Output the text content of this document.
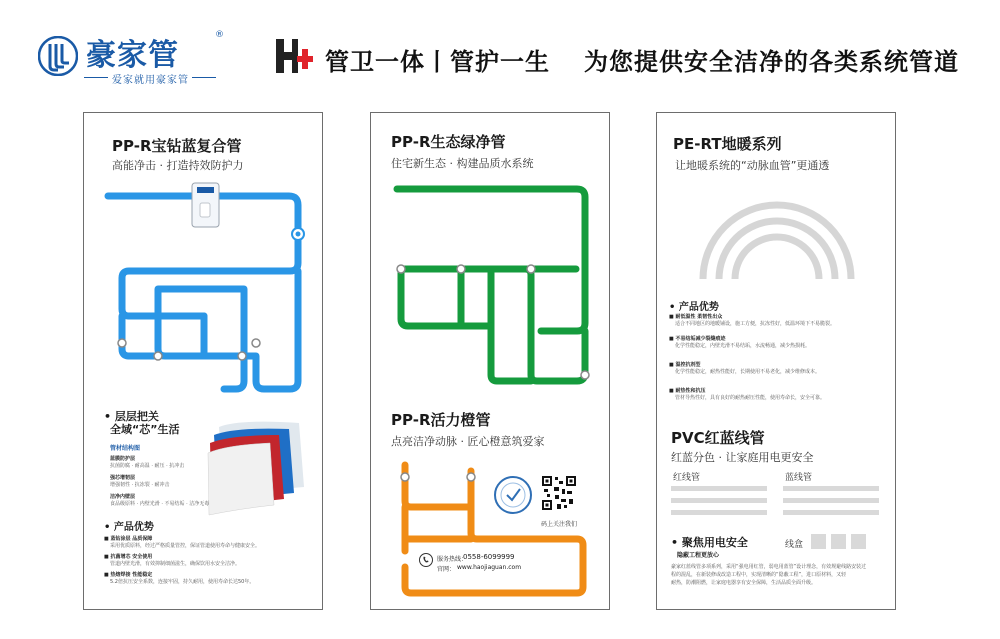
豪家管
®
爱家就用豪家管
管卫一体丨管护一生 为您提供安全洁净的各类系统管道
PP-R宝钻蓝复合管
高能净击 · 打造持效防护力
• 层层把关
全域“芯”生活
管材结构图
蓝膜防护层
抗菌防腐 · 耐高温 · 耐压 · 抗冲击
强芯增韧层
增强韧性 · 抗冻裂 · 耐冲击
洁净内壁层
食品级原料 · 内壁光滑 · 不易结垢 · 洁净无毒
• 产品优势
■ 蓝钻涂层 品质保障
采用优质原料，经过严格质量管控，保证管道使用寿命与健康安全。
■ 抗菌增芯 安全使用
管道内壁光滑，有效抑制细菌滋生，确保饮用水安全洁净。
■ 热熔焊接 性能稳定
5.2倍抗压安全系数，连接牢固，持久耐用，使用寿命长达50年。
PP-R生态绿净管
住宅新生态 · 构建品质水系统
PP-R活力橙管
点亮洁净动脉 · 匠心橙意筑爱家
码上关注我们
服务热线：
0558-6099999
官网： www.haojiaguan.com
PE-RT地暖系列
让地暖系统的“动脉血管”更通透
• 产品优势
■ 耐低温性 柔韧性出众
适合不同地区的地暖铺设，施工方便，抗冻性好，低温环境下不易脆裂。
■ 不易结垢减少裂缝痕迹
化学性能稳定，内壁光滑不易结垢，水流畅通，减少热损耗。
■ 温控抗剂型
化学性能稳定，耐热性能好，长期使用不易老化，减少维修成本。
■ 耐热性和抗压
管材导热性好，具有良好的耐热耐压性能，使用寿命长，安全可靠。
PVC红蓝线管
红蓝分色 · 让家庭用电更安全
红线管	蓝线管
• 聚焦用电安全
隐蔽工程更放心
线盒
豪家红蓝线管多项系列，采用“强电用红管，弱电用蓝管”设计理念，有效规避线路安装过
程的混乱，在新装修或改造工程中，实现清晰的“隐蔽工程”，进口原材料，又轻
耐热，防潮阻燃，让家庭电器享有安全保障，生活品质全面升级。
